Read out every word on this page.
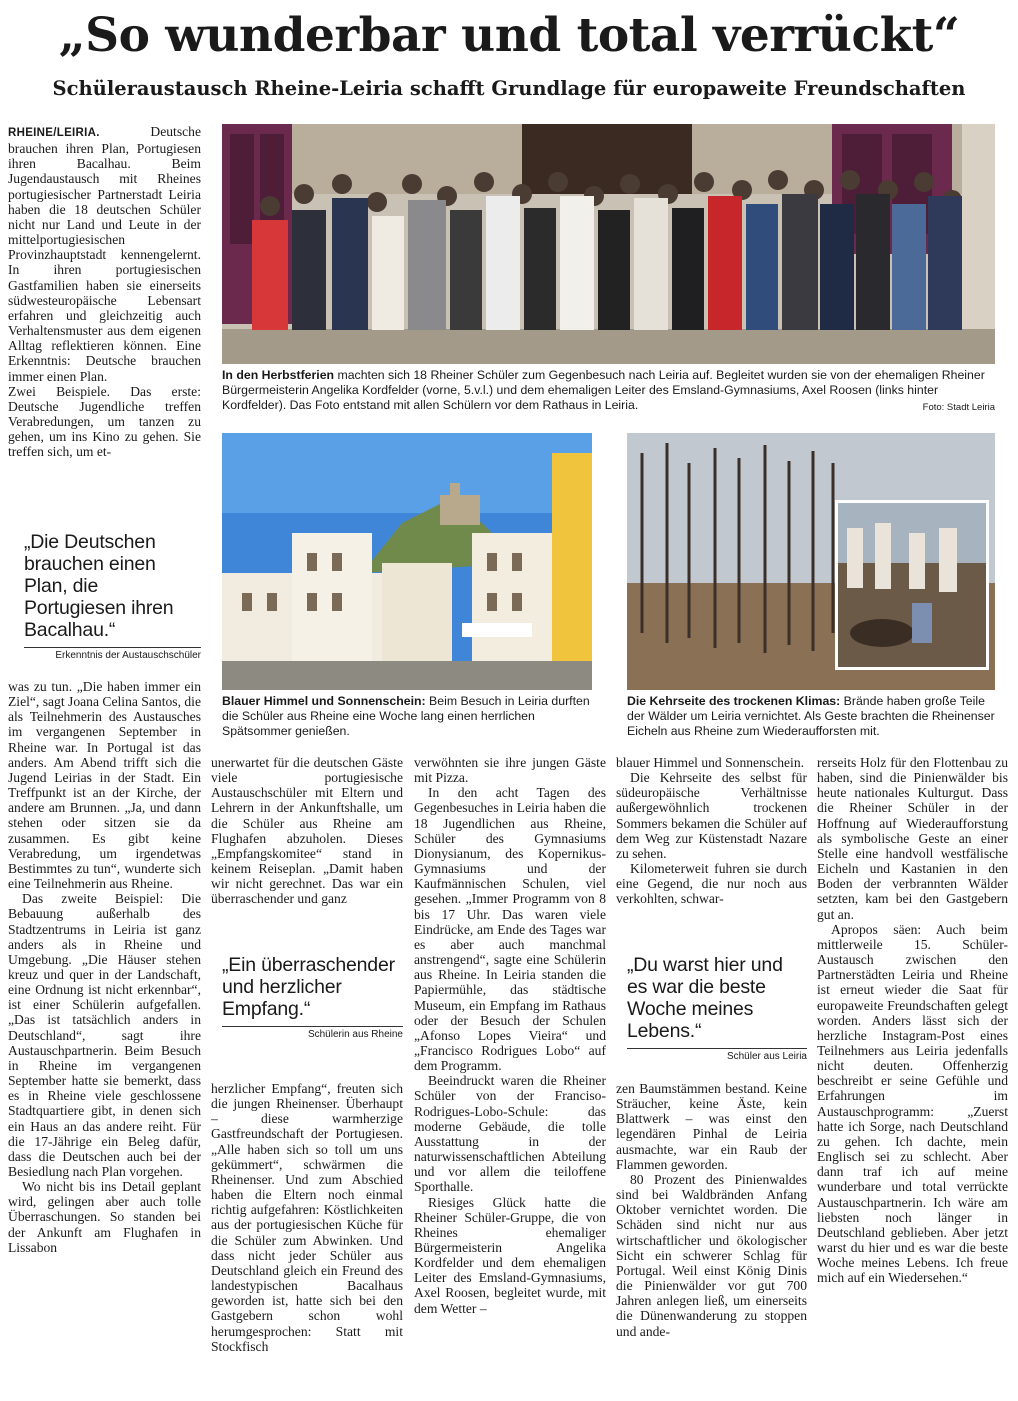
„So wunderbar und total verrückt“
Schüleraustausch Rheine-Leiria schafft Grundlage für europaweite Freundschaften

In den Herbstferien machten sich 18 Rheiner Schüler zum Gegenbesuch nach Leiria auf. Begleitet wurden sie von der ehemaligen Rheiner Bürgermeisterin Angelika Kordfelder (vorne, 5.v.l.) und dem ehemaligen Leiter des Emsland-Gymnasiums, Axel Roosen (links hinter Kordfelder). Das Foto entstand mit allen Schülern vor dem Rathaus in Leiria.	Foto: Stadt Leiria

Blauer Himmel und Sonnenschein: Beim Besuch in Leiria durften die Schüler aus Rheine eine Woche lang einen herrlichen Spätsommer genießen.

Die Kehrseite des trockenen Klimas: Brände haben große Teile der Wälder um Leiria vernichtet. Als Geste brachten die Rheinenser Eicheln aus Rheine zum Wiederaufforsten mit.

RHEINE/LEIRIA.	Deutsche brauchen ihren Plan, Portugiesen ihren Bacalhau. Beim Jugendaustausch mit Rheines portugiesischer Partnerstadt Leiria haben die 18 deutschen Schüler nicht nur Land und Leute in der mittelportugiesischen Provinzhauptstadt kennengelernt. In ihren portugiesischen Gastfamilien haben sie einerseits südwesteuropäische Lebensart erfahren und gleichzeitig auch Verhaltensmuster aus dem eigenen Alltag reflektieren können. Eine Erkenntnis: Deutsche brauchen immer einen Plan.

Zwei Beispiele. Das erste: Deutsche Jugendliche treffen Verabredungen, um tanzen zu gehen, um ins Kino zu gehen. Sie treffen sich, um et-

„Die Deutschen brauchen einen Plan, die Portugiesen ihren Bacalhau.“

Erkenntnis der Austauschschüler

was zu tun. „Die haben immer ein Ziel“, sagt Joana Celina Santos, die als Teilnehmerin des Austausches im vergangenen September in Rheine war. In Portugal ist das anders. Am Abend trifft sich die Jugend Leirias in der Stadt. Ein Treffpunkt ist an der Kirche, der andere am Brunnen. „Ja, und dann stehen oder sitzen sie da zusammen. Es gibt keine Verabredung, um irgendetwas Bestimmtes zu tun“, wunderte sich eine Teilnehmerin aus Rheine.

Das zweite Beispiel: Die Bebauung außerhalb des Stadtzentrums in Leiria ist ganz anders als in Rheine und Umgebung. „Die Häuser stehen kreuz und quer in der Landschaft, eine Ordnung ist nicht erkennbar“, ist einer Schülerin aufgefallen. „Das ist tatsächlich anders in Deutschland“, sagt ihre Austauschpartnerin. Beim Besuch in Rheine im vergangenen September hatte sie bemerkt, dass es in Rheine viele geschlossene Stadtquartiere gibt, in denen sich ein Haus an das andere reiht. Für die 17-Jährige ein Beleg dafür, dass die Deutschen auch bei der Besiedlung nach Plan vorgehen.

Wo nicht bis ins Detail geplant wird, gelingen aber auch tolle Überraschungen. So standen bei der Ankunft am Flughafen in Lissabon

unerwartet für die deutschen Gäste viele portugiesische Austauschschüler mit Eltern und Lehrern in der Ankunftshalle, um die Schüler aus Rheine am Flughafen abzuholen. Dieses „Empfangskomitee“ stand in keinem Reiseplan. „Damit haben wir nicht gerechnet. Das war ein überraschender und ganz

„Ein überraschender und herzlicher Empfang.“

Schülerin aus Rheine

herzlicher Empfang“, freuten sich die jungen Rheinenser. Überhaupt – diese warmherzige Gastfreundschaft der Portugiesen. „Alle haben sich so toll um uns gekümmert“, schwärmen die Rheinenser. Und zum Abschied haben die Eltern noch einmal richtig aufgefahren: Köstlichkeiten aus der portugiesischen Küche für die Schüler zum Abwinken. Und dass nicht jeder Schüler aus Deutschland gleich ein Freund des landestypischen Bacalhaus geworden ist, hatte sich bei den Gastgebern schon wohl herumgesprochen: Statt mit Stockfisch

verwöhnten sie ihre jungen Gäste mit Pizza.

In den acht Tagen des Gegenbesuches in Leiria haben die 18 Jugendlichen aus Rheine, Schüler des Gymnasiums Dionysianum, des Kopernikus-Gymnasiums und der Kaufmännischen Schulen, viel gesehen. „Immer Programm von 8 bis 17 Uhr. Das waren viele Eindrücke, am Ende des Tages war es aber auch manchmal anstrengend“, sagte eine Schülerin aus Rheine. In Leiria standen die Papiermühle, das städtische Museum, ein Empfang im Rathaus oder der Besuch der Schulen „Afonso Lopes Vieira“ und „Francisco Rodrigues Lobo“ auf dem Programm.

Beeindruckt waren die Rheiner Schüler von der Franciso-Rodrigues-Lobo-Schule: das moderne Gebäude, die tolle Ausstattung in der naturwissenschaftlichen Abteilung und vor allem die teiloffene Sporthalle.

Riesiges Glück hatte die Rheiner Schüler-Gruppe, die von Rheines ehemaliger Bürgermeisterin Angelika Kordfelder und dem ehemaligen Leiter des Emsland-Gymnasiums, Axel Roosen, begleitet wurde, mit dem Wetter –

blauer Himmel und Sonnenschein.

Die Kehrseite des selbst für südeuropäische Verhältnisse außergewöhnlich trockenen Sommers bekamen die Schüler auf dem Weg zur Küstenstadt Nazare zu sehen.

Kilometerweit fuhren sie durch eine Gegend, die nur noch aus verkohlten, schwar-

„Du warst hier und es war die beste Woche meines Lebens.“

Schüler aus Leiria

zen Baumstämmen bestand. Keine Sträucher, keine Äste, kein Blattwerk – was einst den legendären Pinhal de Leiria ausmachte, war ein Raub der Flammen geworden.

80 Prozent des Pinienwaldes sind bei Waldbränden Anfang Oktober vernichtet worden. Die Schäden sind nicht nur aus wirtschaftlicher und ökologischer Sicht ein schwerer Schlag für Portugal. Weil einst König Dinis die Pinienwälder vor gut 700 Jahren anlegen ließ, um einerseits die Dünenwanderung zu stoppen und ande-

rerseits Holz für den Flottenbau zu haben, sind die Pinienwälder bis heute nationales Kulturgut. Dass die Rheiner Schüler in der Hoffnung auf Wiederaufforstung als symbolische Geste an einer Stelle eine handvoll westfälische Eicheln und Kastanien in den Boden der verbrannten Wälder setzten, kam bei den Gastgebern gut an.

Apropos säen: Auch beim mittlerweile 15. Schüler-Austausch zwischen den Partnerstädten Leiria und Rheine ist erneut wieder die Saat für europaweite Freundschaften gelegt worden. Anders lässt sich der herzliche Instagram-Post eines Teilnehmers aus Leiria jedenfalls nicht deuten. Offenherzig beschreibt er seine Gefühle und Erfahrungen im Austauschprogramm: „Zuerst hatte ich Sorge, nach Deutschland zu gehen. Ich dachte, mein Englisch sei zu schlecht. Aber dann traf ich auf meine wunderbare und total verrückte Austauschpartnerin. Ich wäre am liebsten noch länger in Deutschland geblieben. Aber jetzt warst du hier und es war die beste Woche meines Lebens. Ich freue mich auf ein Wiedersehen.“
